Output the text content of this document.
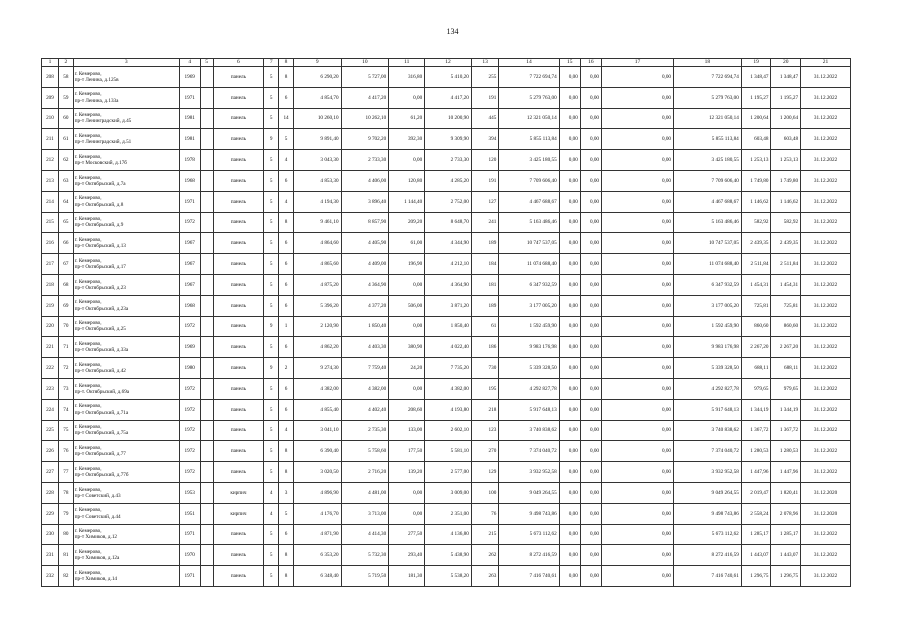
134
1	2	3	4	5	6	7	8	9	10	11	12	13	14	15	16	17	18	19	20	21
208	58	г. Кемерово,
пр-т Ленина, д.125в	1969		панель	5	8	6 290,20	5 727,00	316,80	5 410,20	255	7 722 694,74	0,00	0,00	0,00	7 722 694,74	1 348,47	1 348,47	31.12.2022
209	59	г. Кемерово,
пр-т Ленина, д.133а	1971		панель	5	6	4 854,70	4 417,20	0,00	4 417,20	191	5 279 763,00	0,00	0,00	0,00	5 279 763,00	1 195,27	1 195,27	31.12.2022
210	60	г. Кемерово,
пр-т Ленинградский, д.45	1981		панель	5	14	10 260,10	10 262,10	61,20	10 200,90	445	12 321 050,14	0,00	0,00	0,00	12 321 050,14	1 200,64	1 200,64	31.12.2022
211	61	г. Кемерово,
пр-т Ленинградский, д.51	1981		панель	9	5	9 891,40	9 702,20	392,30	9 309,90	394	5 855 113,84	0,00	0,00	0,00	5 855 113,84	603,48	603,48	31.12.2022
212	62	г. Кемерово,
пр-т Московский, д.17б	1978		панель	5	4	3 043,30	2 733,30	0,00	2 733,30	120	3 425 180,55	0,00	0,00	0,00	3 425 180,55	1 253,13	1 253,13	31.12.2022
213	63	г. Кемерово,
пр-т Октябрьский, д.7а	1968		панель	5	6	4 853,30	4 406,00	120,80	4 285,20	191	7 709 606,40	0,00	0,00	0,00	7 709 606,40	1 749,80	1 749,80	31.12.2022
214	64	г. Кемерово,
пр-т Октябрьский, д.8	1971		панель	5	4	4 194,30	3 896,40	1 144,40	2 752,00	127	4 467 688,67	0,00	0,00	0,00	4 467 688,67	1 146,62	1 146,62	31.12.2022
215	65	г. Кемерово,
пр-т Октябрьский, д.9	1972		панель	5	8	9 461,10	8 857,90	209,20	8 648,70	241	5 163 486,46	0,00	0,00	0,00	5 163 486,46	582,92	582,92	31.12.2022
216	66	г. Кемерово,
пр-т Октябрьский, д.13	1967		панель	5	6	4 864,60	4 405,90	61,00	4 344,90	189	10 747 537,05	0,00	0,00	0,00	10 747 537,05	2 439,35	2 439,35	31.12.2022
217	67	г. Кемерово,
пр-т Октябрьский, д.17	1967		панель	5	6	4 865,60	4 409,00	196,90	4 212,10	184	11 074 688,40	0,00	0,00	0,00	11 074 688,40	2 511,84	2 511,84	31.12.2022
218	68	г. Кемерово,
пр-т Октябрьский, д.23	1967		панель	5	6	4 875,20	4 364,90	0,00	4 364,90	181	6 347 932,59	0,00	0,00	0,00	6 347 932,59	1 454,31	1 454,31	31.12.2022
219	69	г. Кемерово,
пр-т Октябрьский, д.23а	1968		панель	5	6	5 396,20	4 377,20	506,00	3 871,20	189	3 177 005,20	0,00	0,00	0,00	3 177 005,20	725,81	725,81	31.12.2022
220	70	г. Кемерово,
пр-т Октябрьский, д.25	1972		панель	9	1	2 120,90	1 850,40	0,00	1 850,40	61	1 592 459,90	0,00	0,00	0,00	1 592 459,90	860,60	860,60	31.12.2022
221	71	г. Кемерово,
пр-т Октябрьский, д.33а	1969		панель	5	6	4 862,20	4 403,30	380,90	4 022,40	186	9 983 176,98	0,00	0,00	0,00	9 983 176,98	2 267,20	2 267,20	31.12.2022
222	72	г. Кемерово,
пр-т Октябрьский, д.42	1980		панель	9	2	9 274,30	7 759,40	24,20	7 735,20	730	5 339 328,50	0,00	0,00	0,00	5 339 328,50	688,11	688,11	31.12.2022
223	73	г. Кемерово,
пр-т. Октябрьский, д.69а	1972		панель	5	6	4 382,00	4 382,00	0,00	4 382,00	195	4 292 827,78	0,00	0,00	0,00	4 292 827,78	979,65	979,65	31.12.2022
224	74	г. Кемерово,
пр-т Октябрьский, д.71а	1972		панель	5	6	4 855,40	4 402,40	208,60	4 193,80	218	5 917 648,13	0,00	0,00	0,00	5 917 648,13	1 344,19	1 344,19	31.12.2022
225	75	г. Кемерово,
пр-т Октябрьский, д.75а	1972		панель	5	4	3 041,10	2 735,30	133,00	2 602,10	123	3 740 838,62	0,00	0,00	0,00	3 740 838,62	1 367,72	1 367,72	31.12.2022
226	76	г. Кемерово,
пр-т Октябрьский, д.77	1972		панель	5	8	6 390,40	5 758,60	177,50	5 581,10	270	7 374 040,72	0,00	0,00	0,00	7 374 040,72	1 280,53	1 280,53	31.12.2022
227	77	г. Кемерово,
пр-т Октябрьский, д.77б	1972		панель	5	8	3 020,50	2 716,20	139,20	2 577,00	129	3 932 952,58	0,00	0,00	0,00	3 932 952,58	1 447,96	1 447,96	31.12.2022
228	78	г. Кемерово,
пр-т Советский, д.43	1953		кирпич	4	3	4 896,90	4 481,00	0,00	3 009,00	100	9 049 264,55	0,00	0,00	0,00	9 049 264,55	2 019,47	1 820,41	31.12.2020
229	79	г. Кемерово,
пр-т Советский, д.44	1951		кирпич	4	5	4 176,70	3 713,00	0,00	2 351,00	76	9 498 743,86	0,00	0,00	0,00	9 498 743,86	2 558,24	2 078,96	31.12.2020
230	80	г. Кемерово,
пр-т Химиков, д.12	1971		панель	5	6	4 871,90	4 414,30	277,50	4 136,80	215	5 673 112,62	0,00	0,00	0,00	5 673 112,62	1 285,17	1 285,17	31.12.2022
231	81	г. Кемерово,
пр-т Химиков, д.12а	1970		панель	5	8	6 353,20	5 732,30	293,40	5 438,90	262	8 272 416,59	0,00	0,00	0,00	8 272 416,59	1 443,07	1 443,07	31.12.2022
232	82	г. Кемерово,
пр-т Химиков, д.14	1971		панель	5	8	6 348,40	5 719,50	181,30	5 538,20	263	7 416 740,61	0,00	0,00	0,00	7 416 740,61	1 296,75	1 296,75	31.12.2022
